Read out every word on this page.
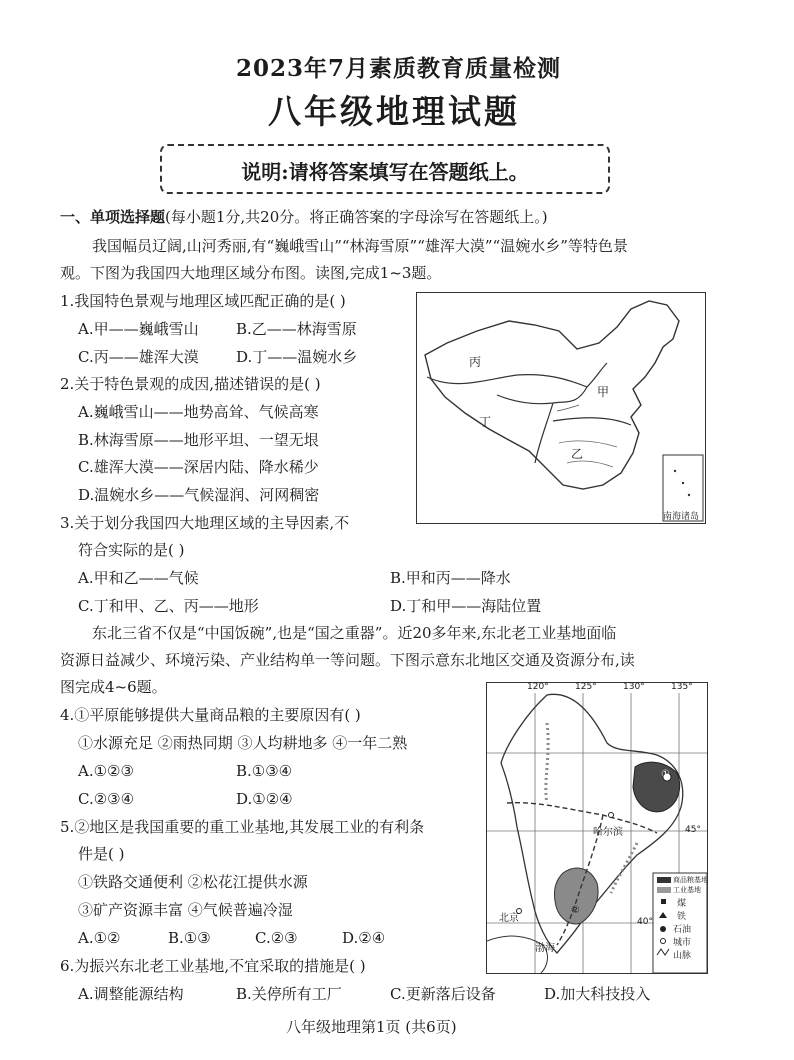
2023年7月素质教育质量检测
八年级地理试题
说明:请将答案填写在答题纸上。
一、单项选择题(每小题1分,共20分。将正确答案的字母涂写在答题纸上。)
我国幅员辽阔,山河秀丽,有“巍峨雪山”“林海雪原”“雄浑大漠”“温婉水乡”等特色景
观。下图为我国四大地理区域分布图。读图,完成1~3题。
1.我国特色景观与地理区域匹配正确的是( )
A.甲——巍峨雪山 B.乙——林海雪原
C.丙——雄浑大漠 D.丁——温婉水乡
2.关于特色景观的成因,描述错误的是( )
A.巍峨雪山——地势高耸、气候高寒
B.林海雪原——地形平坦、一望无垠
C.雄浑大漠——深居内陆、降水稀少
D.温婉水乡——气候湿润、河网稠密
3.关于划分我国四大地理区域的主导因素,不
符合实际的是( )
A.甲和乙——气候	B.甲和丙——降水
C.丁和甲、乙、丙——地形	D.丁和甲——海陆位置
丙
甲
丁
乙
南海诸岛
东北三省不仅是“中国饭碗”,也是“国之重器”。近20多年来,东北老工业基地面临
资源日益减少、环境污染、产业结构单一等问题。下图示意东北地区交通及资源分布,读
图完成4~6题。
4.①平原能够提供大量商品粮的主要原因有( )
①水源充足 ②雨热同期 ③人均耕地多 ④一年二熟
A.①②③	B.①③④
C.②③④	D.①②④
5.②地区是我国重要的重工业基地,其发展工业的有利条
件是( )
①铁路交通便利 ②松花江提供水源
③矿产资源丰富 ④气候普遍冷湿
A.①②	B.①③	C.②③	D.②④
6.为振兴东北老工业基地,不宜采取的措施是( )
A.调整能源结构	B.关停所有工厂	C.更新落后设备	D.加大科技投入
120°	125°	130°	135°
45°
40°
哈尔滨
北京
渤海
①
②
商品粮基地
工业基地
煤
铁
石油
城市
山脉
八年级地理第1页 (共6页)
